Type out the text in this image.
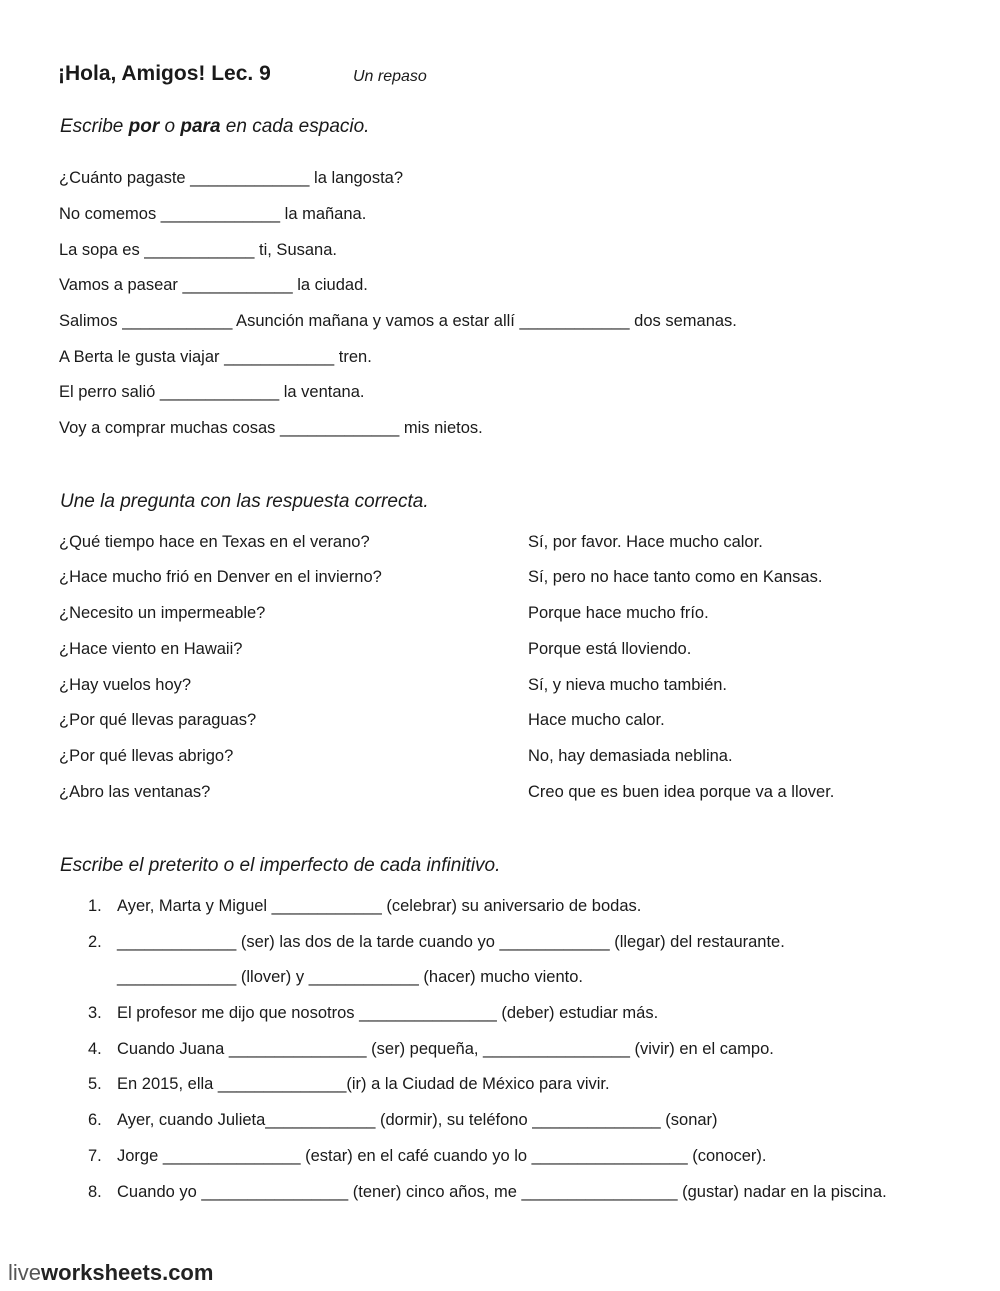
¡Hola, Amigos! Lec. 9	Un repaso
Escribe por o para en cada espacio.
¿Cuánto pagaste _____________ la langosta?
No comemos _____________ la mañana.
La sopa es ____________ ti, Susana.
Vamos a pasear ____________ la ciudad.
Salimos ____________ Asunción mañana y vamos a estar allí ____________ dos semanas.
A Berta le gusta viajar ____________ tren.
El perro salió _____________ la ventana.
Voy a comprar muchas cosas _____________ mis nietos.
Une la pregunta con las respuesta correcta.
¿Qué tiempo hace en Texas en el verano?
¿Hace mucho frió en Denver en el invierno?
¿Necesito un impermeable?
¿Hace viento en Hawaii?
¿Hay vuelos hoy?
¿Por qué llevas paraguas?
¿Por qué llevas abrigo?
¿Abro las ventanas?
Sí, por favor. Hace mucho calor.
Sí, pero no hace tanto como en Kansas.
Porque hace mucho frío.
Porque está lloviendo.
Sí, y nieva mucho también.
Hace mucho calor.
No, hay demasiada neblina.
Creo que es buen idea porque va a llover.
Escribe el preterito o el imperfecto de cada infinitivo.
1. Ayer, Marta y Miguel ____________ (celebrar) su aniversario de bodas.
2. _____________ (ser) las dos de la tarde cuando yo ____________ (llegar) del restaurante.
_____________ (llover) y ____________ (hacer) mucho viento.
3. El profesor me dijo que nosotros _______________ (deber) estudiar más.
4. Cuando Juana _______________ (ser) pequeña, ________________ (vivir) en el campo.
5. En 2015, ella ______________(ir) a la Ciudad de México para vivir.
6. Ayer, cuando Julieta____________ (dormir), su teléfono ______________ (sonar)
7. Jorge _______________ (estar) en el café cuando yo lo _________________ (conocer).
8. Cuando yo ________________ (tener) cinco años, me _________________ (gustar) nadar en la piscina.
liveworksheets.com
